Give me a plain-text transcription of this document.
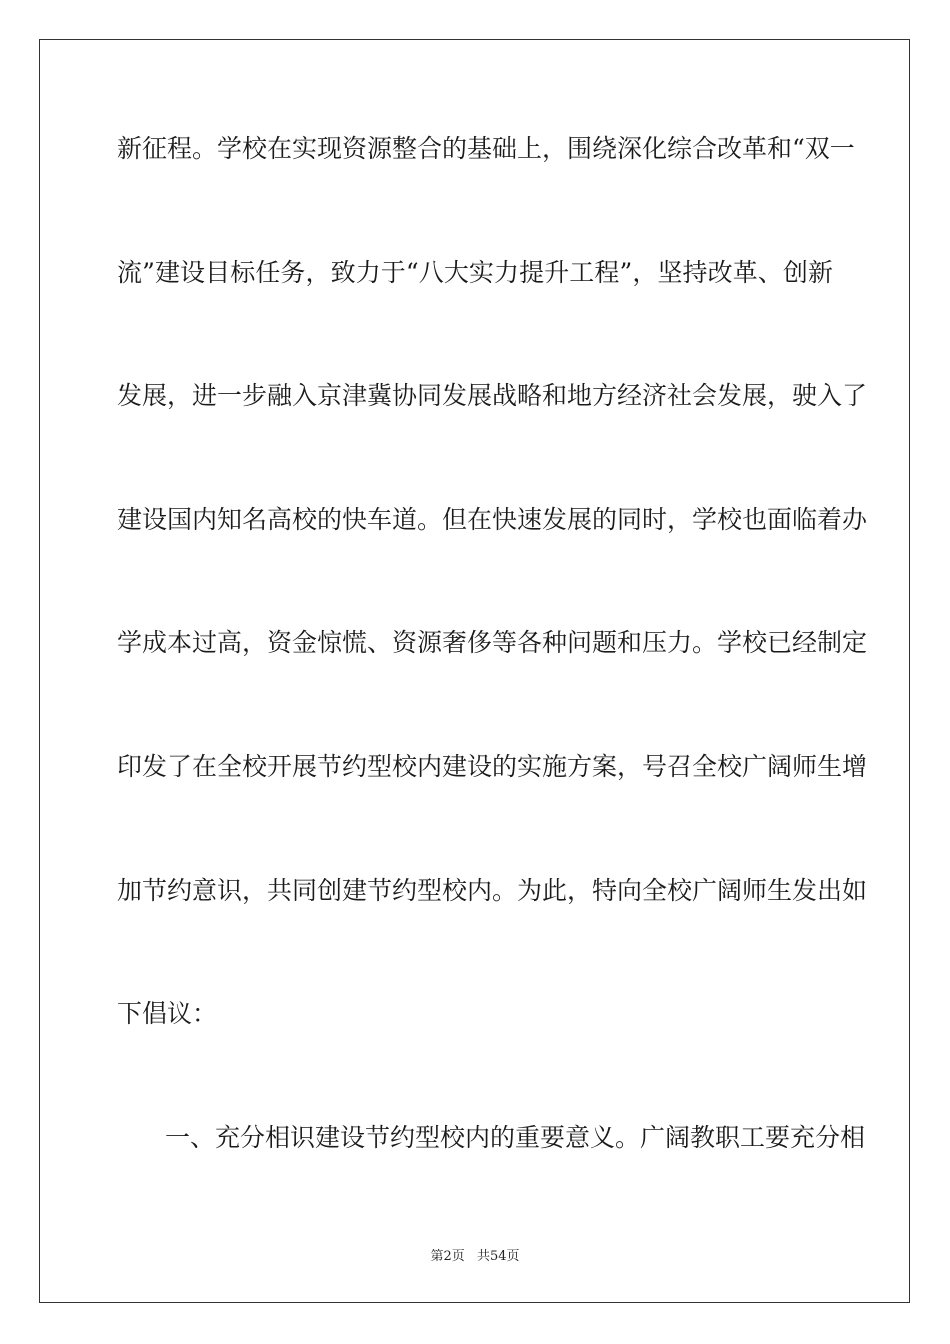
新征程。学校在实现资源整合的基础上，围绕深化综合改革和“双一
流”建设目标任务，致力于“八大实力提升工程”，坚持改革、创新
发展，进一步融入京津冀协同发展战略和地方经济社会发展，驶入了
建设国内知名高校的快车道。但在快速发展的同时，学校也面临着办
学成本过高，资金惊慌、资源奢侈等各种问题和压力。学校已经制定
印发了在全校开展节约型校内建设的实施方案，号召全校广阔师生增
加节约意识，共同创建节约型校内。为此，特向全校广阔师生发出如
下倡议：
一、充分相识建设节约型校内的重要意义。广阔教职工要充分相
第2页 共54页
